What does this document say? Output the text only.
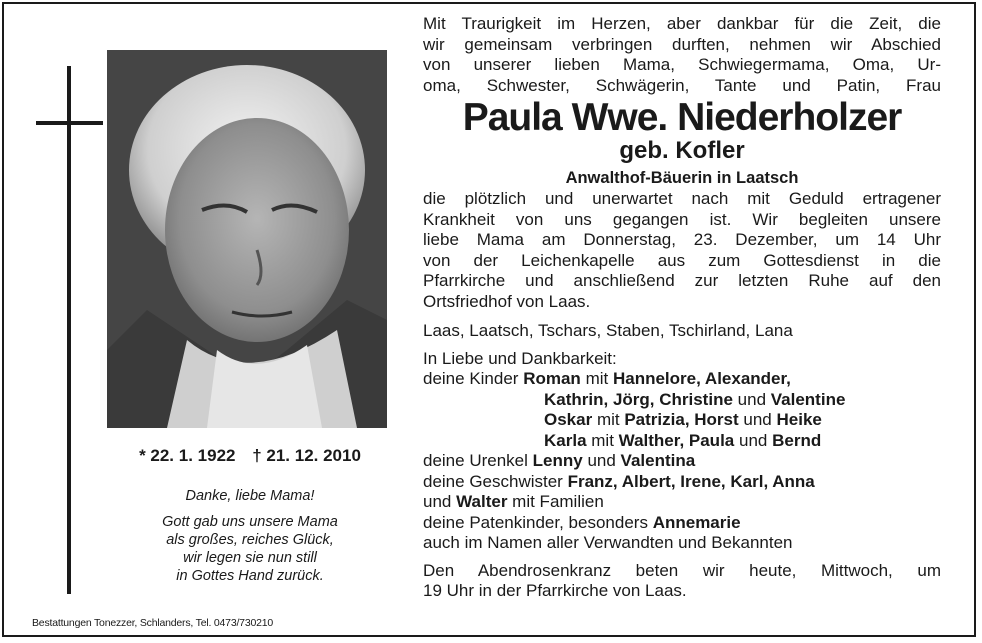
* 22. 1. 1922 † 21. 12. 2010
Danke, liebe Mama!
Gott gab uns unsere Mama
als großes, reiches Glück,
wir legen sie nun still
in Gottes Hand zurück.
Bestattungen Tonezzer, Schlanders, Tel. 0473/730210
Mit Traurigkeit im Herzen, aber dankbar für die Zeit, die
wir gemeinsam verbringen durften, nehmen wir Abschied
von unserer lieben Mama, Schwiegermama, Oma, Ur-
oma, Schwester, Schwägerin, Tante und Patin, Frau
Paula Wwe. Niederholzer
geb. Kofler
Anwalthof-Bäuerin in Laatsch
die plötzlich und unerwartet nach mit Geduld ertragener
Krankheit von uns gegangen ist. Wir begleiten unsere
liebe Mama am Donnerstag, 23. Dezember, um 14 Uhr
von der Leichenkapelle aus zum Gottesdienst in die
Pfarrkirche und anschließend zur letzten Ruhe auf den
Ortsfriedhof von Laas.
Laas, Laatsch, Tschars, Staben, Tschirland, Lana
In Liebe und Dankbarkeit:
deine Kinder Roman mit Hannelore, Alexander,
Kathrin, Jörg, Christine und Valentine
Oskar mit Patrizia, Horst und Heike
Karla mit Walther, Paula und Bernd
deine Urenkel Lenny und Valentina
deine Geschwister Franz, Albert, Irene, Karl, Anna
und Walter mit Familien
deine Patenkinder, besonders Annemarie
auch im Namen aller Verwandten und Bekannten
Den Abendrosenkranz beten wir heute, Mittwoch, um
19 Uhr in der Pfarrkirche von Laas.
